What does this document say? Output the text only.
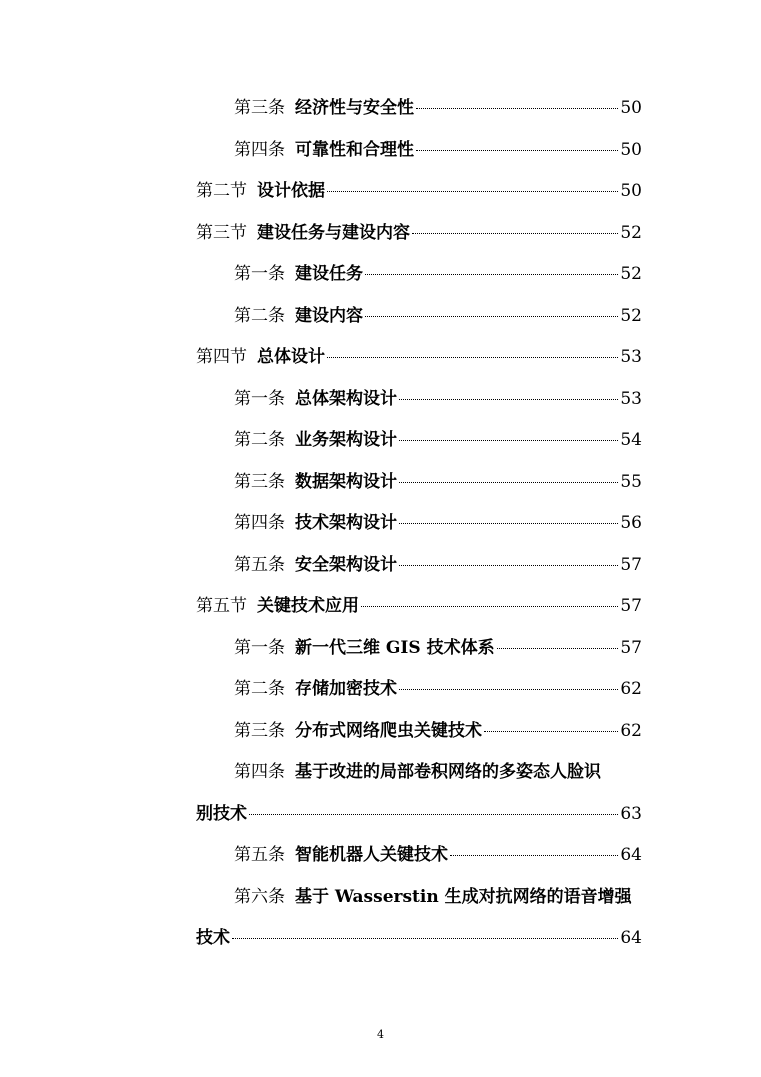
第三条 经济性与安全性	50
第四条 可靠性和合理性	50
第二节 设计依据	50
第三节 建设任务与建设内容	52
第一条 建设任务	52
第二条 建设内容	52
第四节 总体设计	53
第一条 总体架构设计	53
第二条 业务架构设计	54
第三条 数据架构设计	55
第四条 技术架构设计	56
第五条 安全架构设计	57
第五节 关键技术应用	57
第一条 新一代三维 GIS 技术体系	57
第二条 存储加密技术	62
第三条 分布式网络爬虫关键技术	62
第四条 基于改进的局部卷积网络的多姿态人脸识
别技术	63
第五条 智能机器人关键技术	64
第六条 基于 Wasserstin 生成对抗网络的语音增强
技术	64
4
